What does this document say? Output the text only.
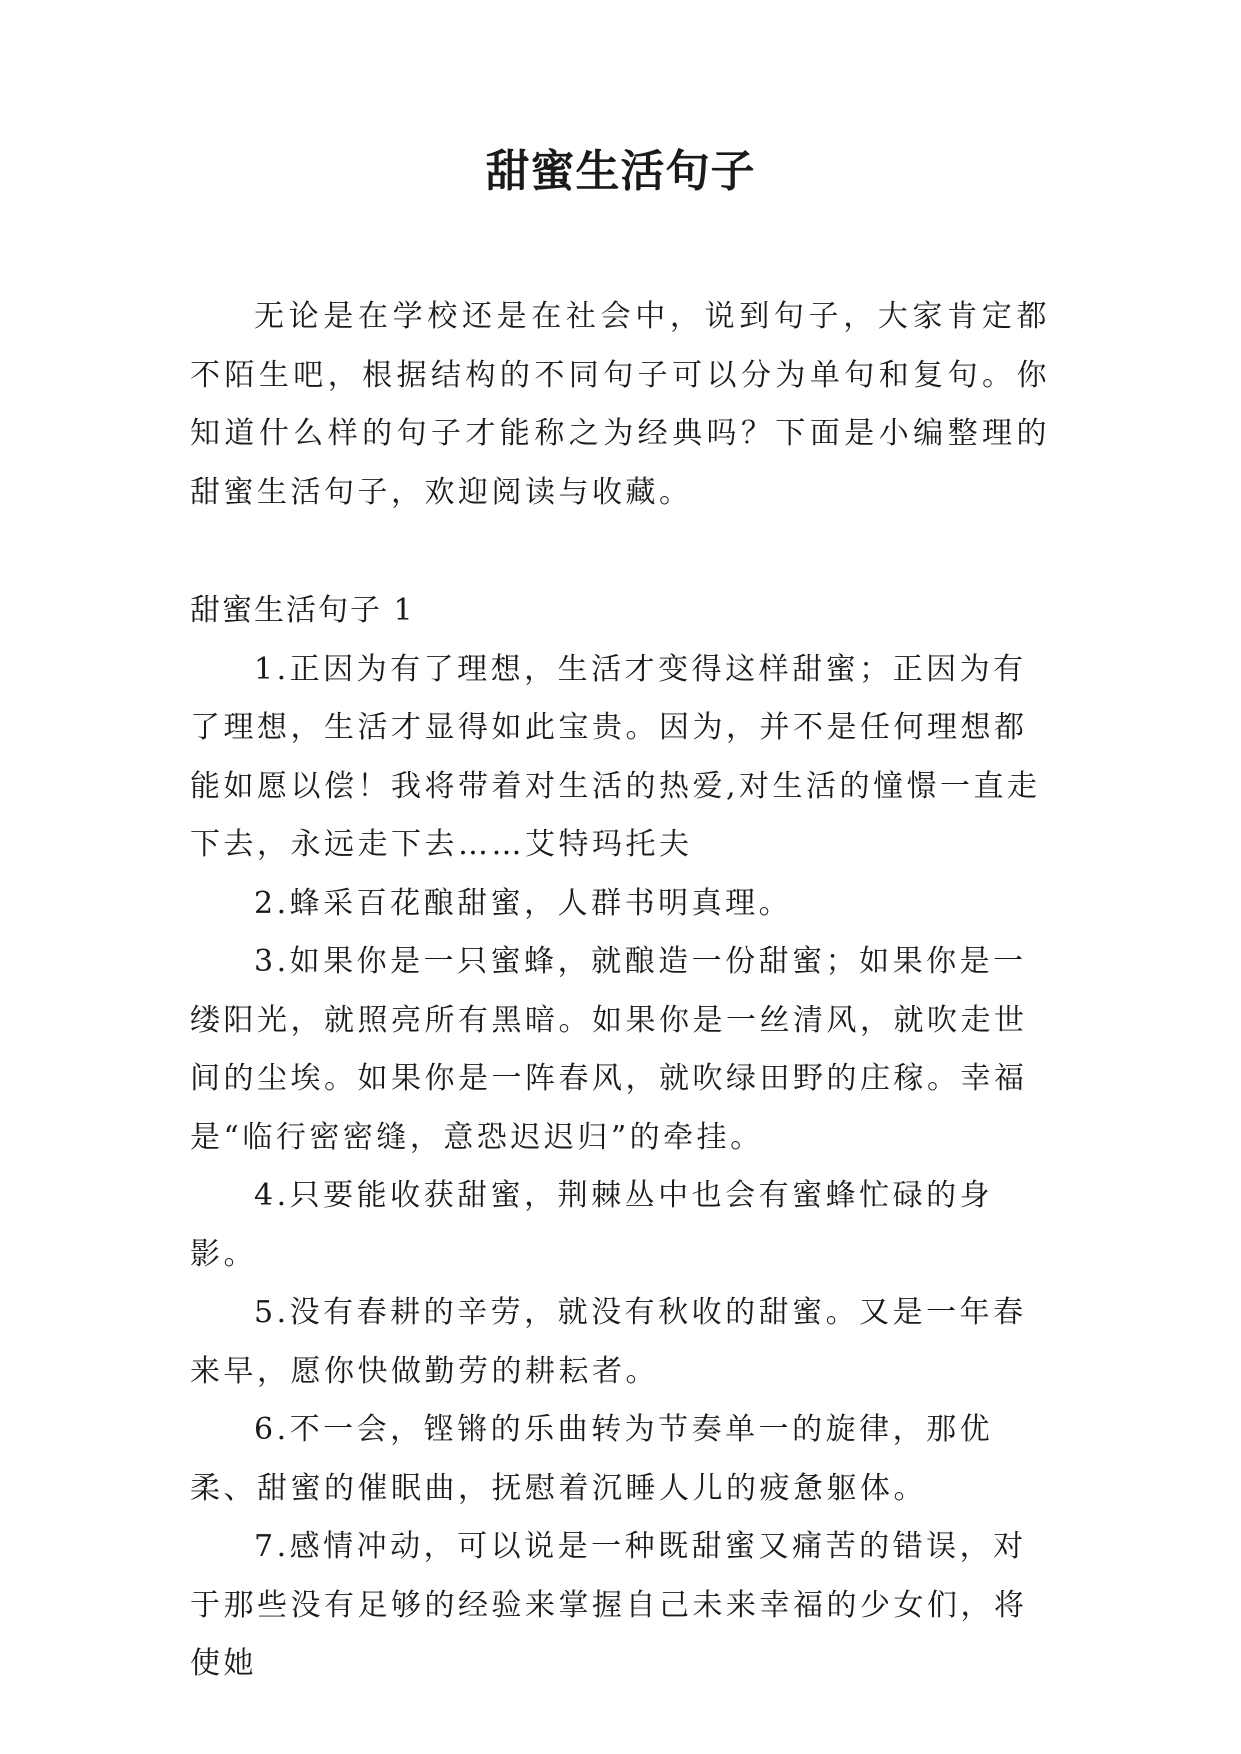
甜蜜生活句子

无论是在学校还是在社会中，说到句子，大家肯定都不陌生吧，根据结构的不同句子可以分为单句和复句。你知道什么样的句子才能称之为经典吗？下面是小编整理的甜蜜生活句子，欢迎阅读与收藏。

甜蜜生活句子 1

1.正因为有了理想，生活才变得这样甜蜜；正因为有了理想，生活才显得如此宝贵。因为，并不是任何理想都能如愿以偿！我将带着对生活的热爱,对生活的憧憬一直走下去，永远走下去……艾特玛托夫

2.蜂采百花酿甜蜜，人群书明真理。

3.如果你是一只蜜蜂，就酿造一份甜蜜；如果你是一缕阳光，就照亮所有黑暗。如果你是一丝清风，就吹走世间的尘埃。如果你是一阵春风，就吹绿田野的庄稼。幸福是“临行密密缝，意恐迟迟归”的牵挂。

4.只要能收获甜蜜，荆棘丛中也会有蜜蜂忙碌的身影。

5.没有春耕的辛劳，就没有秋收的甜蜜。又是一年春来早，愿你快做勤劳的耕耘者。

6.不一会，铿锵的乐曲转为节奏单一的旋律，那优柔、甜蜜的催眠曲，抚慰着沉睡人儿的疲惫躯体。

7.感情冲动，可以说是一种既甜蜜又痛苦的错误，对于那些没有足够的经验来掌握自己未来幸福的少女们，将使她
